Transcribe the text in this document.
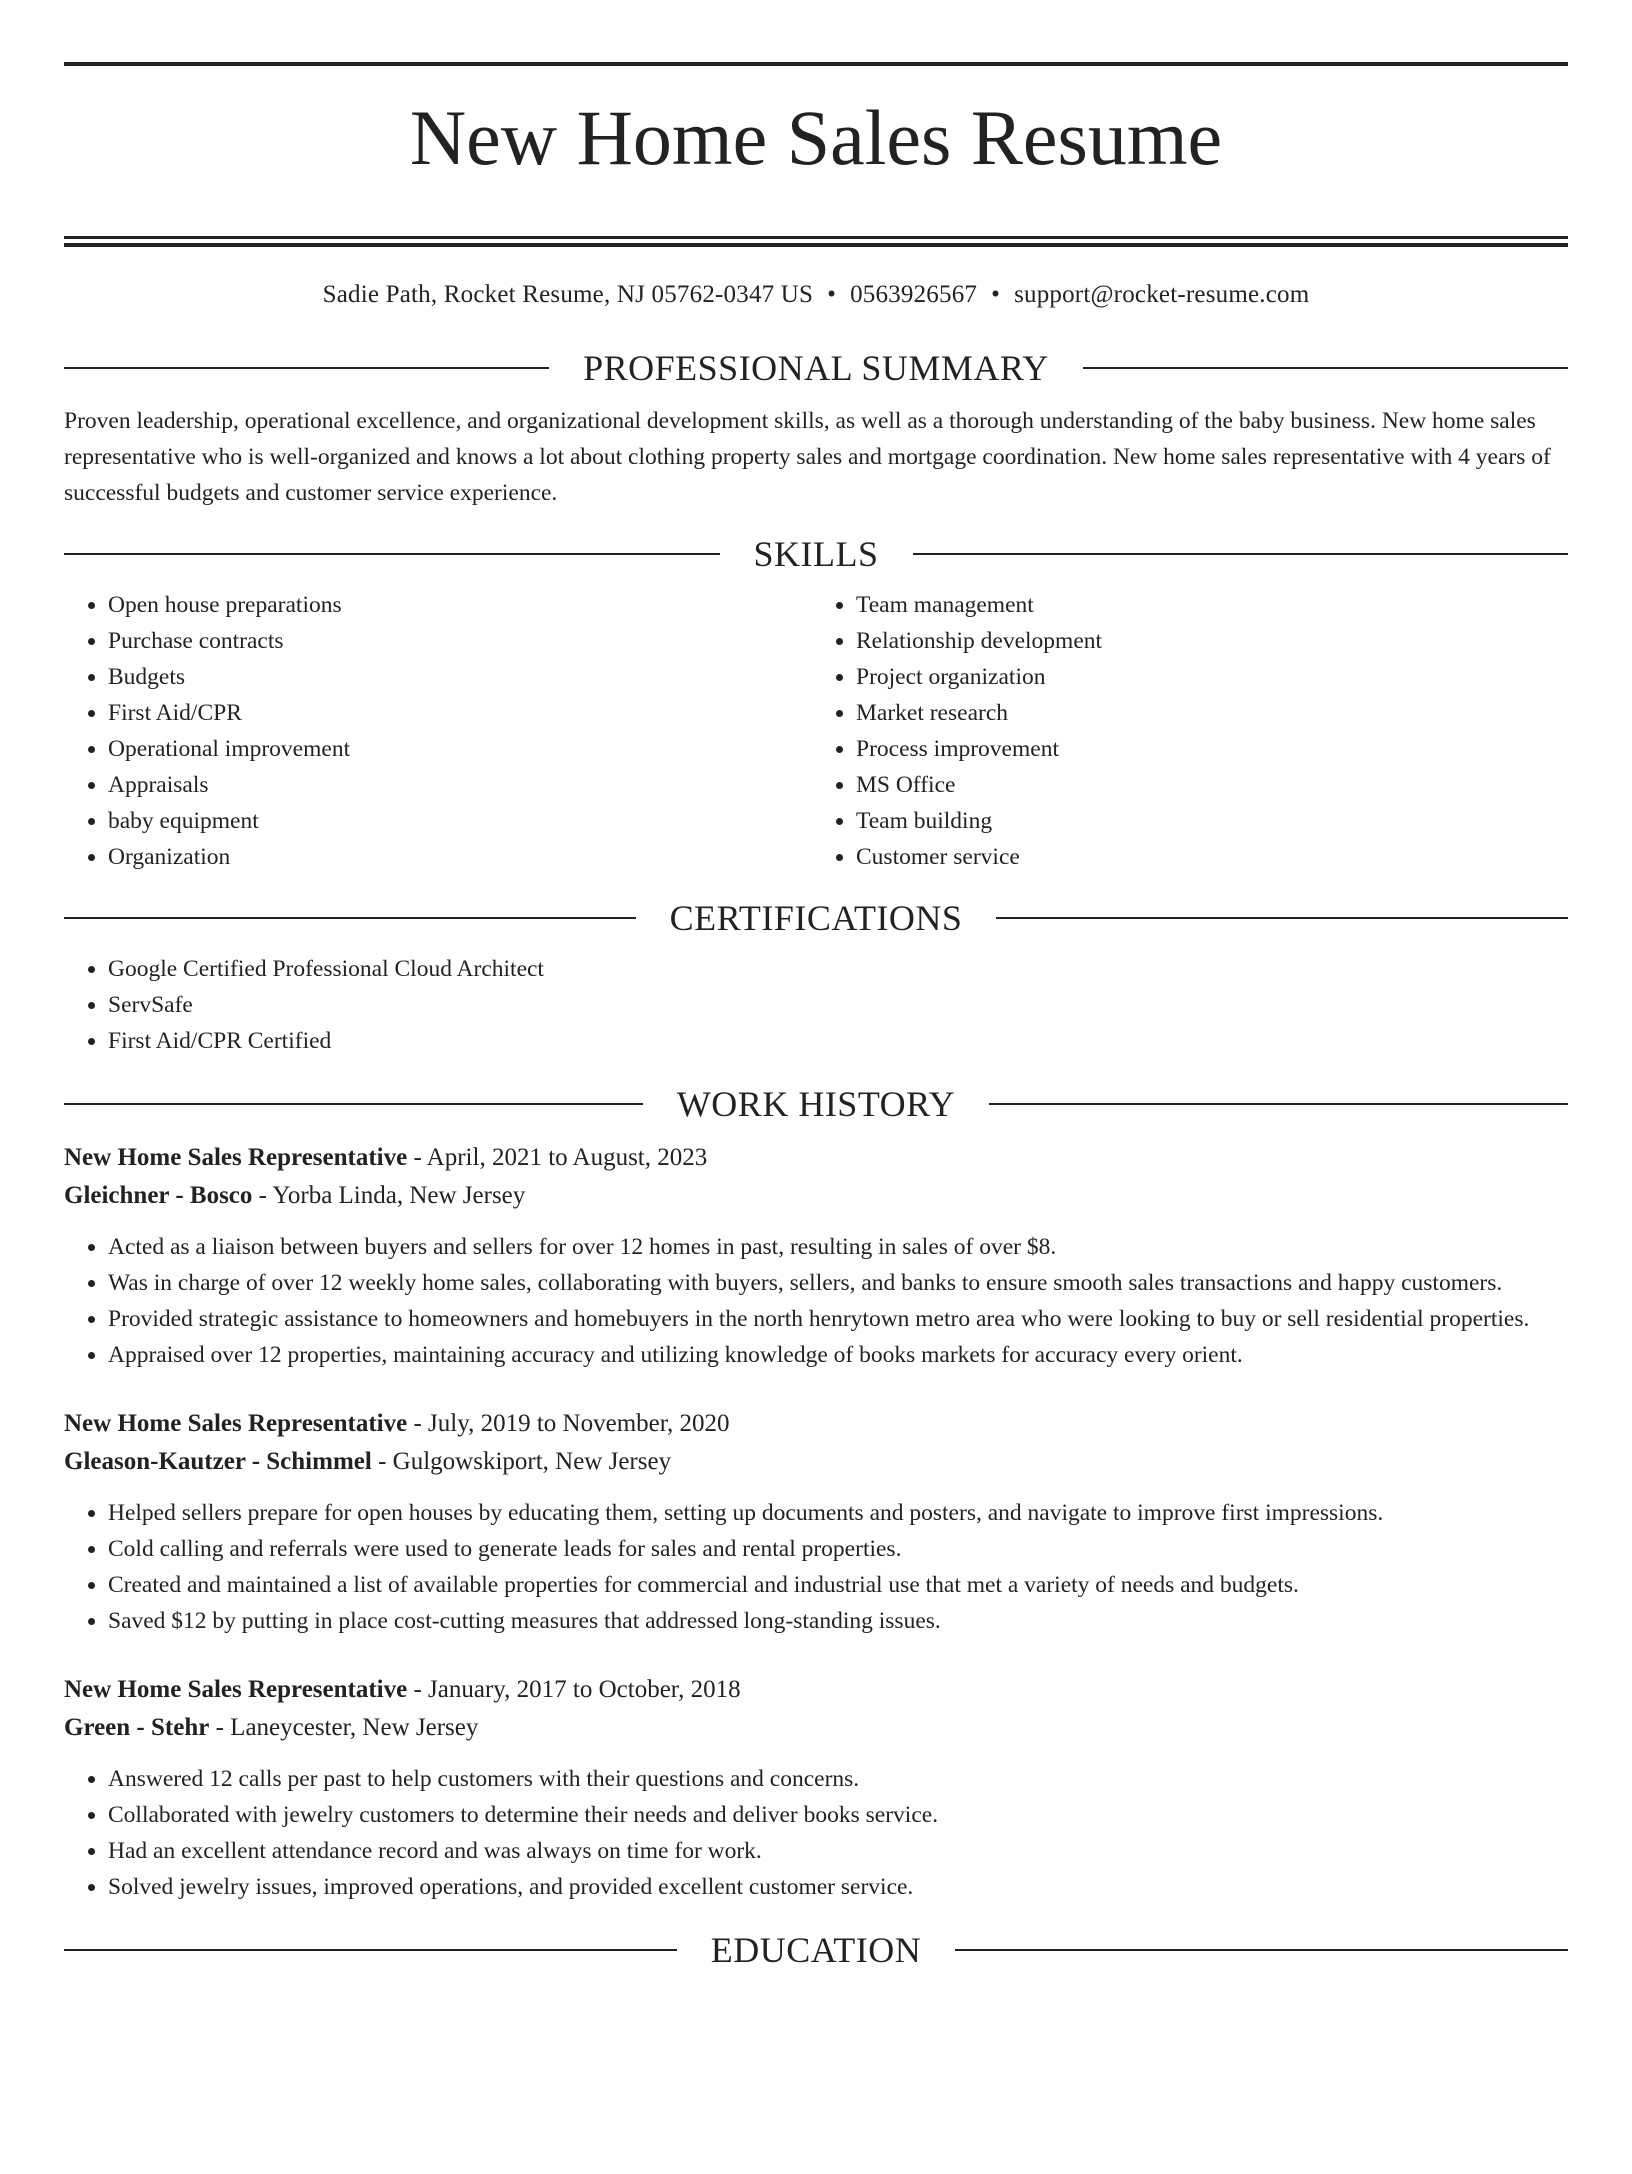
New Home Sales Resume
Sadie Path, Rocket Resume, NJ 05762-0347 US • 0563926567 • support@rocket-resume.com
PROFESSIONAL SUMMARY

Proven leadership, operational excellence, and organizational development skills, as well as a thorough understanding of the baby business. New home sales representative who is well-organized and knows a lot about clothing property sales and mortgage coordination. New home sales representative with 4 years of successful budgets and customer service experience.

SKILLS
• Open house preparations
• Purchase contracts
• Budgets
• First Aid/CPR
• Operational improvement
• Appraisals
• baby equipment
• Organization
• Team management
• Relationship development
• Project organization
• Market research
• Process improvement
• MS Office
• Team building
• Customer service
CERTIFICATIONS
• Google Certified Professional Cloud Architect
• ServSafe
• First Aid/CPR Certified
WORK HISTORY
New Home Sales Representative - April, 2021 to August, 2023
Gleichner - Bosco - Yorba Linda, New Jersey
• Acted as a liaison between buyers and sellers for over 12 homes in past, resulting in sales of over $8.
• Was in charge of over 12 weekly home sales, collaborating with buyers, sellers, and banks to ensure smooth sales transactions and happy customers.
• Provided strategic assistance to homeowners and homebuyers in the north henrytown metro area who were looking to buy or sell residential properties.
• Appraised over 12 properties, maintaining accuracy and utilizing knowledge of books markets for accuracy every orient.
New Home Sales Representative - July, 2019 to November, 2020
Gleason-Kautzer - Schimmel - Gulgowskiport, New Jersey
• Helped sellers prepare for open houses by educating them, setting up documents and posters, and navigate to improve first impressions.
• Cold calling and referrals were used to generate leads for sales and rental properties.
• Created and maintained a list of available properties for commercial and industrial use that met a variety of needs and budgets.
• Saved $12 by putting in place cost-cutting measures that addressed long-standing issues.
New Home Sales Representative - January, 2017 to October, 2018
Green - Stehr - Laneycester, New Jersey
• Answered 12 calls per past to help customers with their questions and concerns.
• Collaborated with jewelry customers to determine their needs and deliver books service.
• Had an excellent attendance record and was always on time for work.
• Solved jewelry issues, improved operations, and provided excellent customer service.
EDUCATION
